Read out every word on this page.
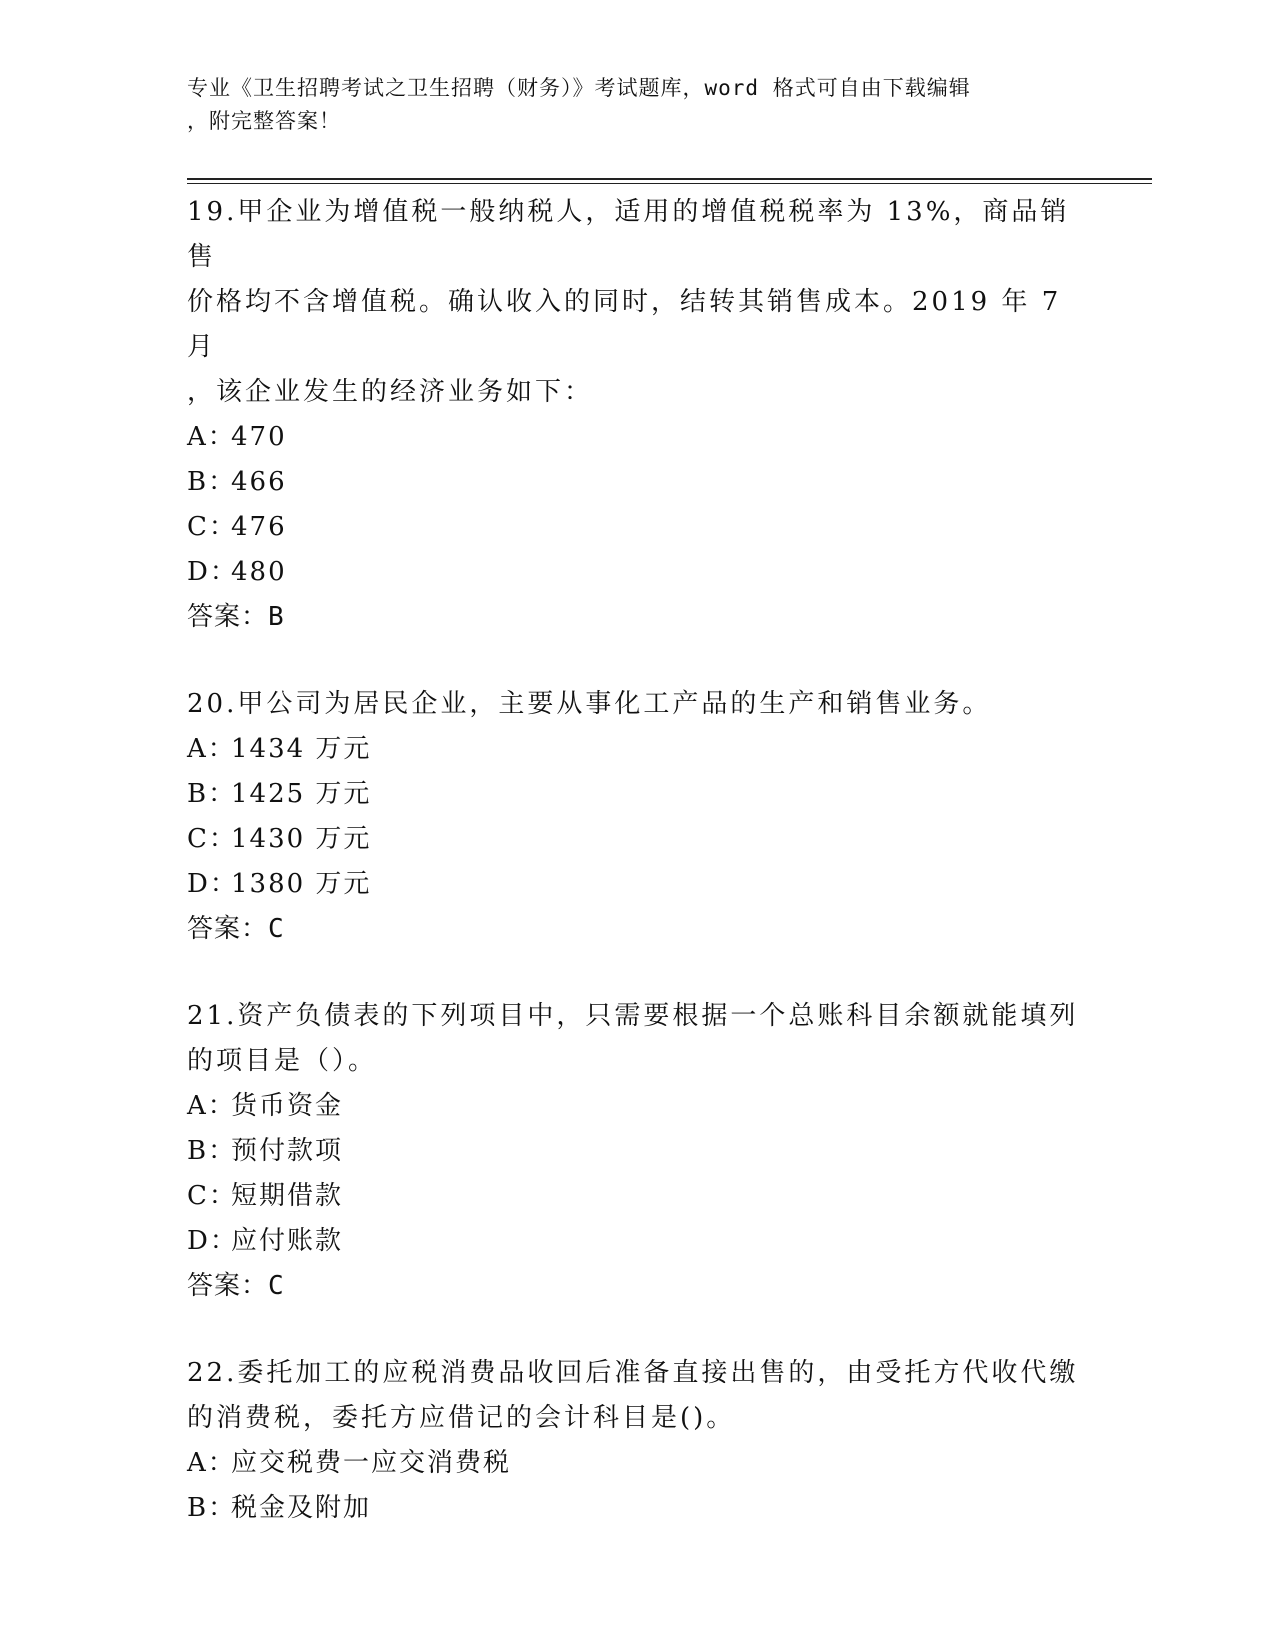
专业《卫生招聘考试之卫生招聘（财务）》考试题库，word 格式可自由下载编辑
，附完整答案！

19.甲企业为增值税一般纳税人，适用的增值税税率为 13%，商品销售

价格均不含增值税。确认收入的同时，结转其销售成本。2019 年 7 月

，该企业发生的经济业务如下：

A：470

B：466

C：476

D：480

答案：B

20.甲公司为居民企业，主要从事化工产品的生产和销售业务。

A：1434 万元

B：1425 万元

C：1430 万元

D：1380 万元

答案：C

21.资产负债表的下列项目中，只需要根据一个总账科目余额就能填列

的项目是（）。

A：货币资金

B：预付款项

C：短期借款

D：应付账款

答案：C

22.委托加工的应税消费品收回后准备直接出售的，由受托方代收代缴

的消费税，委托方应借记的会计科目是()。

A：应交税费一应交消费税

B：税金及附加
